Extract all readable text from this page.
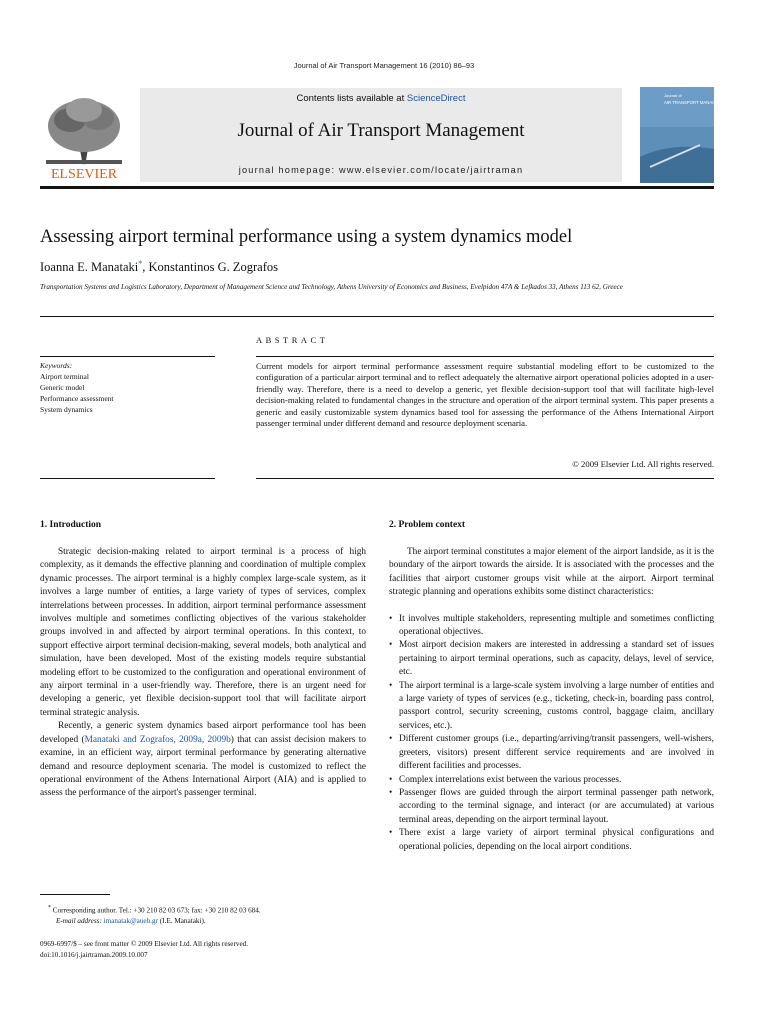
Journal of Air Transport Management 16 (2010) 86–93
ELSEVIER
Contents lists available at ScienceDirect
Journal of Air Transport Management
journal homepage: www.elsevier.com/locate/jairtraman
Journal of
AIR TRANSPORT MANAGEMENT
Assessing airport terminal performance using a system dynamics model
Ioanna E. Manataki*, Konstantinos G. Zografos
Transportation Systems and Logistics Laboratory, Department of Management Science and Technology, Athens University of Economics and Business, Evelpidon 47A & Lefkados 33, Athens 113 62, Greece
ABSTRACT
Keywords:
Airport terminal
Generic model
Performance assessment
System dynamics
Current models for airport terminal performance assessment require substantial modeling effort to be customized to the configuration of a particular airport terminal and to reflect adequately the alternative airport operational policies adopted in a user-friendly way. Therefore, there is a need to develop a generic, yet flexible decision-support tool that will facilitate high-level decision-making related to fundamental changes in the structure and operation of the airport terminal system. This paper presents a generic and easily customizable system dynamics based tool for assessing the performance of the Athens International Airport passenger terminal under different demand and resource deployment scenaria.
© 2009 Elsevier Ltd. All rights reserved.
1. Introduction

Strategic decision-making related to airport terminal is a process of high complexity, as it demands the effective planning and coordination of multiple complex dynamic processes. The airport terminal is a highly complex large-scale system, as it involves a large number of entities, a large variety of types of services, complex interrelations between processes. In addition, airport terminal performance assessment involves multiple and sometimes conflicting objectives of the various stakeholder groups involved in and affected by airport terminal operations. In this context, to support effective airport terminal decision-making, several models, both analytical and simulation, have been developed. Most of the existing models require substantial modeling effort to be customized to the configuration and operational environment of any airport terminal in a user-friendly way. Therefore, there is an urgent need for developing a generic, yet flexible decision-support tool that will facilitate airport terminal strategic analysis.

Recently, a generic system dynamics based airport performance tool has been developed (Manataki and Zografos, 2009a, 2009b) that can assist decision makers to examine, in an efficient way, airport terminal performance by generating alternative demand and resource deployment scenaria. The model is customized to reflect the operational environment of the Athens International Airport (AIA) and is applied to assess the performance of the airport's passenger terminal.

2. Problem context

The airport terminal constitutes a major element of the airport landside, as it is the boundary of the airport towards the airside. It is associated with the processes and the facilities that airport customer groups visit while at the airport. Airport terminal strategic planning and operations exhibits some distinct characteristics:

• It involves multiple stakeholders, representing multiple and sometimes conflicting operational objectives.
• Most airport decision makers are interested in addressing a standard set of issues pertaining to airport terminal operations, such as capacity, delays, level of service, etc.
• The airport terminal is a large-scale system involving a large number of entities and a large variety of types of services (e.g., ticketing, check-in, boarding pass control, passport control, security screening, customs control, baggage claim, ancillary services, etc.).
• Different customer groups (i.e., departing/arriving/transit passengers, well-wishers, greeters, visitors) present different service requirements and are involved in different facilities and processes.
• Complex interrelations exist between the various processes.
• Passenger flows are guided through the airport terminal passenger path network, according to the terminal signage, and interact (or are accumulated) at various terminal areas, depending on the airport terminal layout.
• There exist a large variety of airport terminal physical configurations and operational policies, depending on the local airport conditions.
* Corresponding author. Tel.: +30 210 82 03 673; fax: +30 210 82 03 684.
E-mail address: imanatak@aueb.gr (I.E. Manataki).
0969-6997/$ – see front matter © 2009 Elsevier Ltd. All rights reserved.
doi:10.1016/j.jairtraman.2009.10.007
